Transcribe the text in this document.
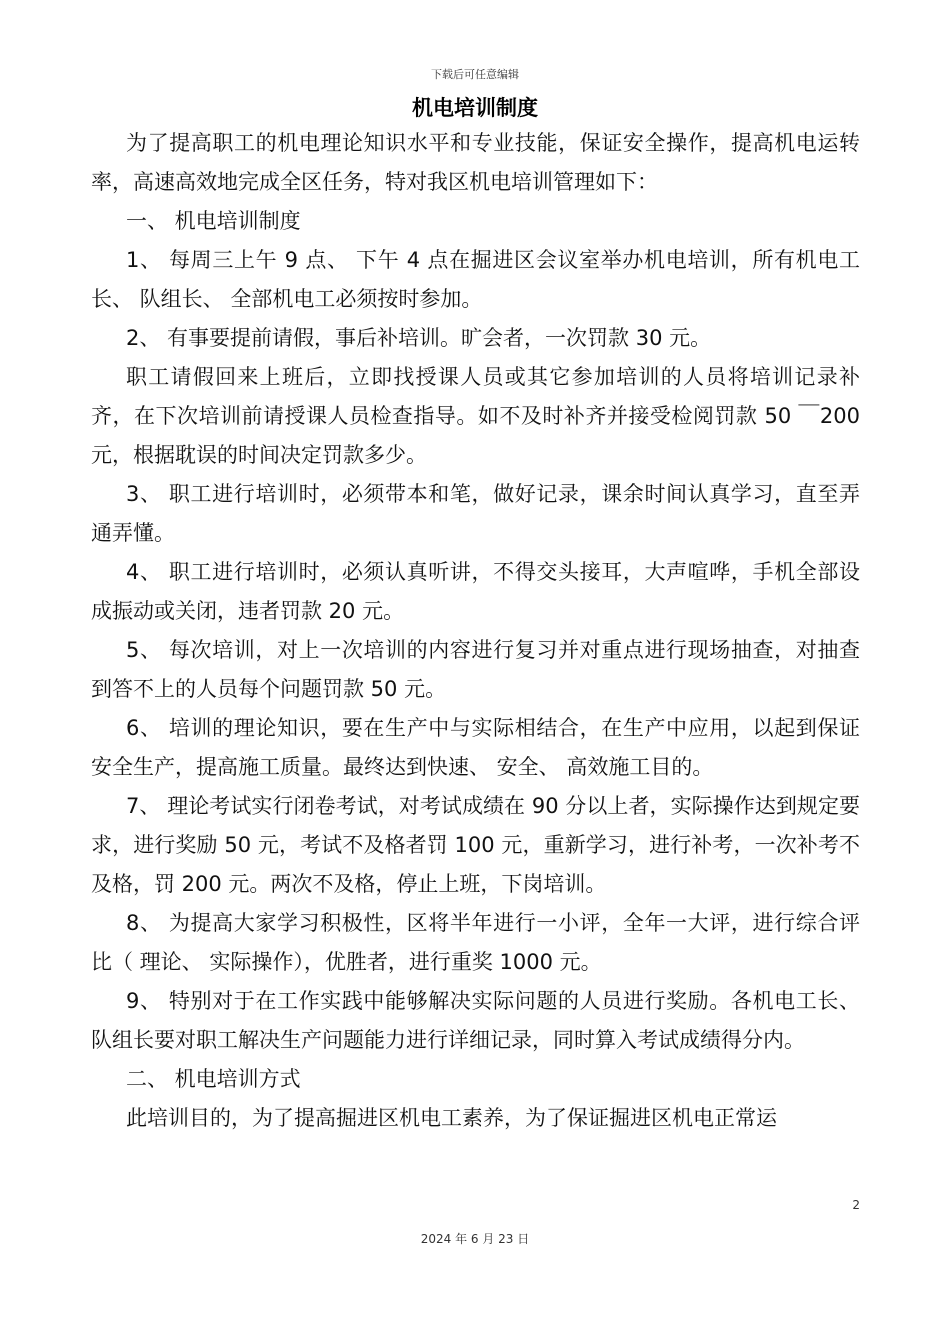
下载后可任意编辑
机电培训制度

为了提高职工的机电理论知识水平和专业技能，保证安全操作，提高机电运转率，高速高效地完成全区任务，特对我区机电培训管理如下：

一、 机电培训制度

1、 每周三上午 9 点、 下午 4 点在掘进区会议室举办机电培训，所有机电工长、 队组长、 全部机电工必须按时参加。

2、 有事要提前请假，事后补培训。旷会者，一次罚款 30 元。

职工请假回来上班后，立即找授课人员或其它参加培训的人员将培训记录补齐，在下次培训前请授课人员检查指导。如不及时补齐并接受检阅罚款 50 ￣200 元，根据耽误的时间决定罚款多少。

3、 职工进行培训时，必须带本和笔，做好记录，课余时间认真学习，直至弄通弄懂。

4、 职工进行培训时，必须认真听讲，不得交头接耳，大声喧哗，手机全部设成振动或关闭，违者罚款 20 元。

5、 每次培训，对上一次培训的内容进行复习并对重点进行现场抽查，对抽查到答不上的人员每个问题罚款 50 元。

6、 培训的理论知识，要在生产中与实际相结合，在生产中应用，以起到保证安全生产，提高施工质量。最终达到快速、 安全、 高效施工目的。

7、 理论考试实行闭卷考试，对考试成绩在 90 分以上者，实际操作达到规定要求，进行奖励 50 元，考试不及格者罚 100 元，重新学习，进行补考，一次补考不及格，罚 200 元。两次不及格，停止上班，下岗培训。

8、 为提高大家学习积极性，区将半年进行一小评，全年一大评，进行综合评比（ 理论、 实际操作），优胜者，进行重奖 1000 元。

9、 特别对于在工作实践中能够解决实际问题的人员进行奖励。各机电工长、 队组长要对职工解决生产问题能力进行详细记录，同时算入考试成绩得分内。

二、 机电培训方式

此培训目的，为了提高掘进区机电工素养，为了保证掘进区机电正常运

2
2024 年 6 月 23 日
